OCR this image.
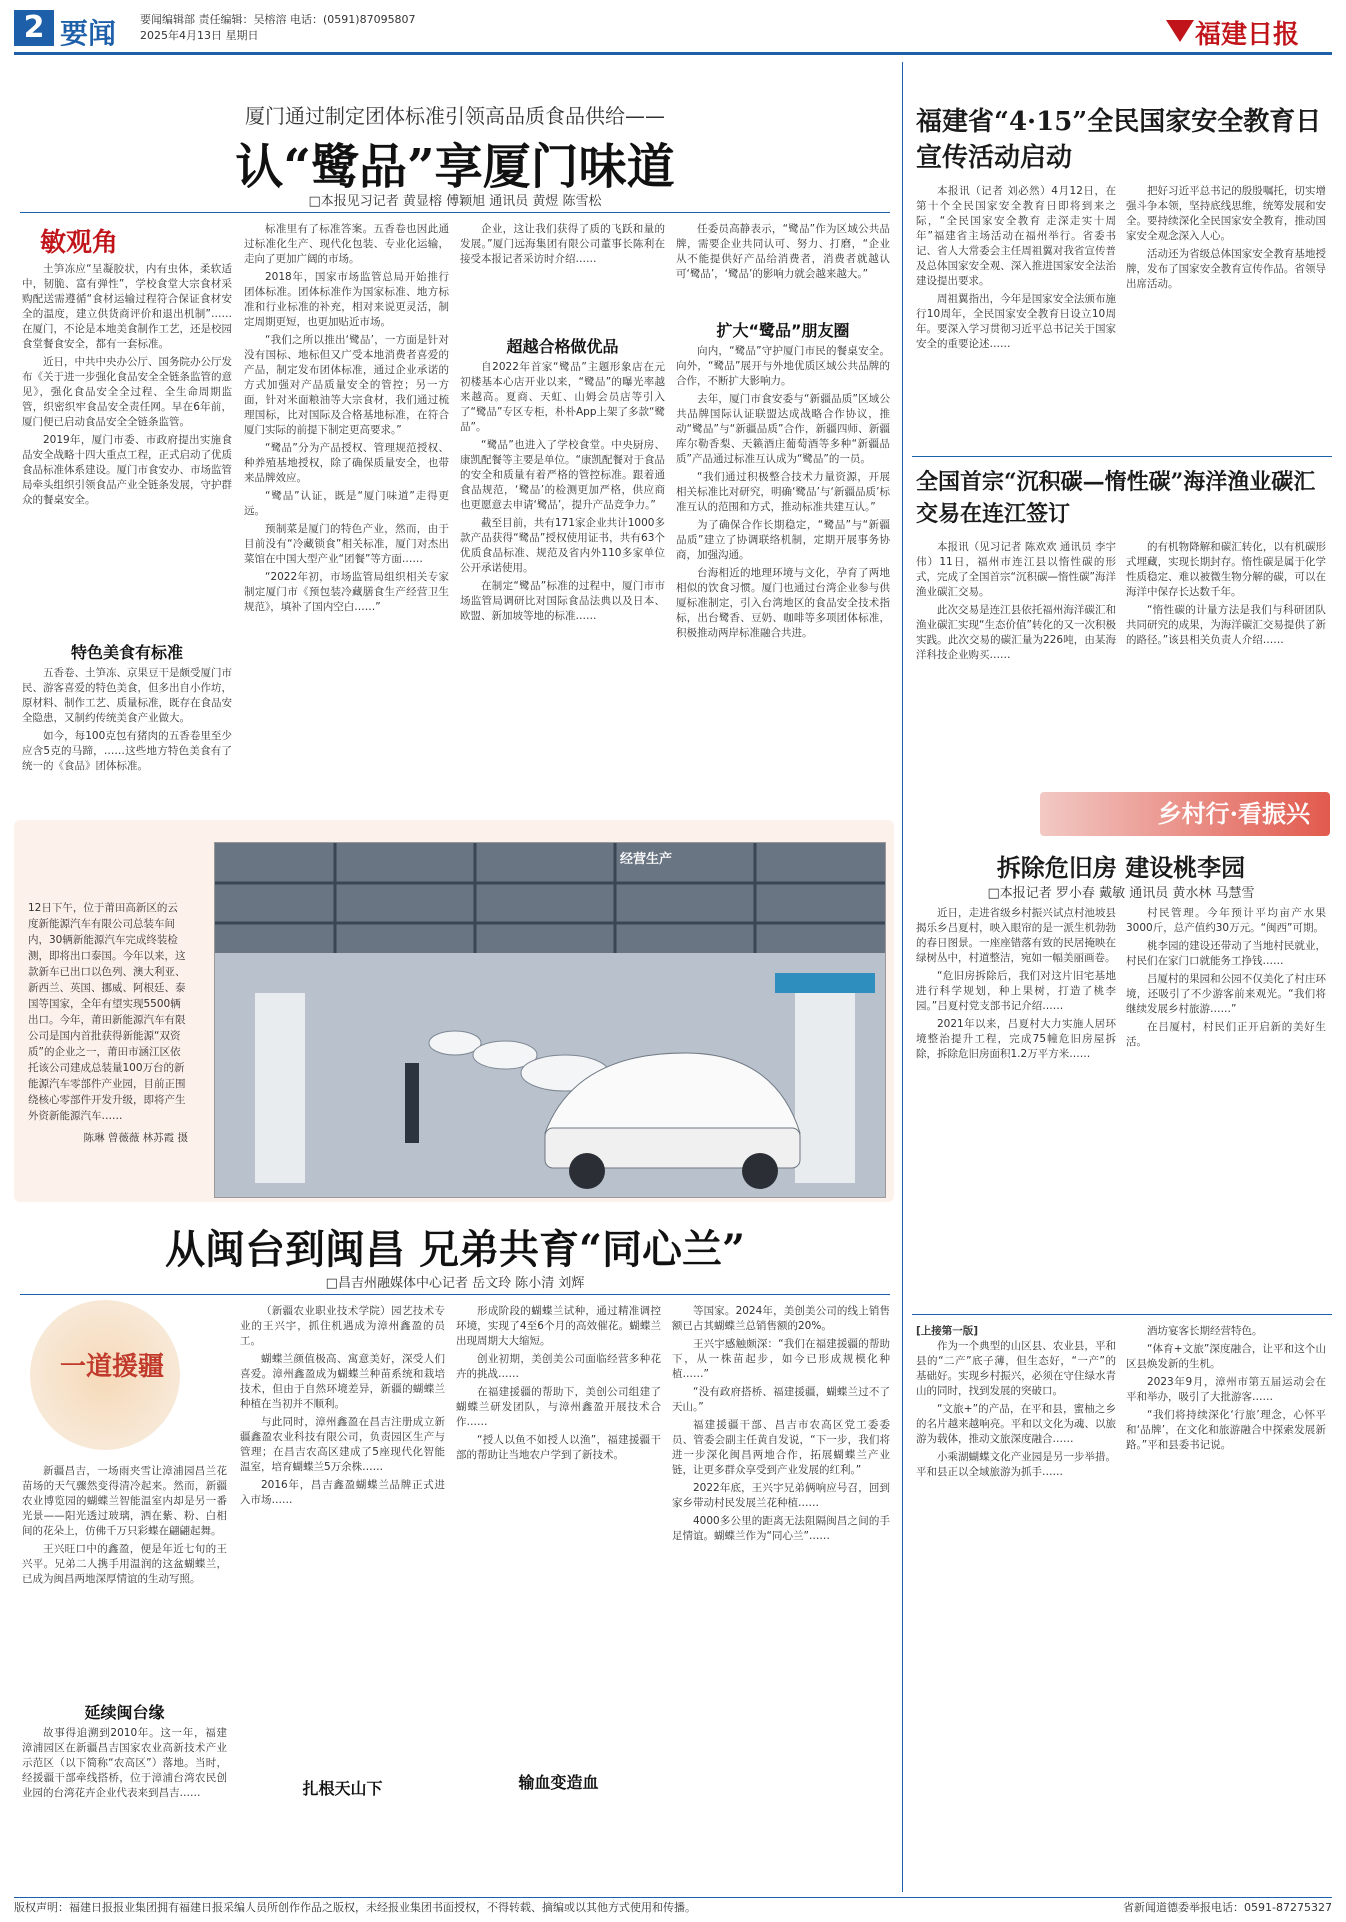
2 要闻 要闻编辑部 责任编辑：吴榕溶 电话：(0591)87095807
2025年4月13日 星期日	福建日报
厦门通过制定团体标准引领高品质食品供给——
认“鹭品”享厦门味道
□本报见习记者 黄显榕 傅颖旭 通讯员 黄煜 陈雪松
敏观角

土笋冻应“呈凝胶状，内有虫体，柔软适中，韧脆、富有弹性”，学校食堂大宗食材采购配送需遵循“食材运输过程符合保证食材安全的温度，建立供货商评价和退出机制”……在厦门，不论是本地美食制作工艺，还是校园食堂餐食安全，都有一套标准。

近日，中共中央办公厅、国务院办公厅发布《关于进一步强化食品安全全链条监管的意见》，强化食品安全全过程、全生命周期监管，织密织牢食品安全责任网。早在6年前，厦门便已启动食品安全全链条监管。

2019年，厦门市委、市政府提出实施食品安全战略十四大重点工程，正式启动了优质食品标准体系建设。厦门市食安办、市场监管局牵头组织引领食品产业全链条发展，守护群众的餐桌安全。

特色美食有标准

五香卷、土笋冻、京果豆干是颇受厦门市民、游客喜爱的特色美食，但多出自小作坊，原材料、制作工艺、质量标准，既存在食品安全隐患，又制约传统美食产业做大。

如今，每100克包有猪肉的五香卷里至少应含5克的马蹄，……这些地方特色美食有了统一的《食品》团体标准。

标准里有了标准答案。五香卷也因此通过标准化生产、现代化包装、专业化运输，走向了更加广阔的市场。

2018年，国家市场监管总局开始推行团体标准。团体标准作为国家标准、地方标准和行业标准的补充，相对来说更灵活，制定周期更短，也更加贴近市场。

“我们之所以推出‘鹭品’，一方面是针对没有国标、地标但又广受本地消费者喜爱的产品，制定发布团体标准，通过企业承诺的方式加强对产品质量安全的管控；另一方面，针对米面粮油等大宗食材，我们通过梳理国标，比对国际及合格基地标准，在符合厦门实际的前提下制定更高要求。”

“鹭品”分为产品授权、管理规范授权、种养殖基地授权，除了确保质量安全，也带来品牌效应。

“鹭品”认证，既是“厦门味道”走得更远。

预制菜是厦门的特色产业，然而，由于目前没有“冷藏锁食”相关标准，厦门对杰出菜馆在中国大型产业“团餐”等方面……

“2022年初，市场监管局组织相关专家制定厦门市《预包装冷藏膳食生产经营卫生规范》，填补了国内空白……”

企业，这让我们获得了质的飞跃和量的发展。”厦门远海集团有限公司董事长陈利在接受本报记者采访时介绍……

超越合格做优品

自2022年首家“鹭品”主题形象店在元初楼基本心店开业以来，“鹭品”的曝光率越来越高。夏商、天虹、山姆会员店等引入了“鹭品”专区专柜，朴朴App上架了多款“鹭品”。

“鹭品”也进入了学校食堂。中央厨房、康凯配餐等主要是单位。“康凯配餐对于食品的安全和质量有着严格的管控标准。跟着通食品规范，‘鹭品’的检测更加严格，供应商也更愿意去申请‘鹭品’，提升产品竞争力。”

截至目前，共有171家企业共计1000多款产品获得“鹭品”授权使用证书，共有63个优质食品标准、规范及省内外110多家单位公开承诺使用。

在制定“鹭品”标准的过程中，厦门市市场监管局调研比对国际食品法典以及日本、欧盟、新加坡等地的标准……

任委员高静表示，“鹭品”作为区域公共品牌，需要企业共同认可、努力、打磨，“企业从不能提供好产品给消费者，消费者就越认可‘鹭品’，‘鹭品’的影响力就会越来越大。”

扩大“鹭品”朋友圈

向内，“鹭品”守护厦门市民的餐桌安全。向外，“鹭品”展开与外地优质区域公共品牌的合作，不断扩大影响力。

去年，厦门市食安委与“新疆品质”区域公共品牌国际认证联盟达成战略合作协议，推动“鹭品”与“新疆品质”合作，新疆四师、新疆库尔勒香梨、天籁酒庄葡萄酒等多种“新疆品质”产品通过标准互认成为“鹭品”的一员。

“我们通过积极整合技术力量资源，开展相关标准比对研究，明确‘鹭品’与‘新疆品质’标准互认的范围和方式，推动标准共建互认。”

为了确保合作长期稳定，“鹭品”与“新疆品质”建立了协调联络机制，定期开展事务协商，加强沟通。

台海相近的地理环境与文化，孕育了两地相似的饮食习惯。厦门也通过台湾企业参与供厦标准制定，引入台湾地区的食品安全技术指标，出台鹭香、豆奶、咖啡等多项团体标准，积极推动两岸标准融合共进。

12日下午，位于莆田高新区的云度新能源汽车有限公司总装车间内，30辆新能源汽车完成终装检测，即将出口泰国。今年以来，这款新车已出口以色列、澳大利亚、新西兰、英国、挪威、阿根廷、泰国等国家，全年有望实现5500辆出口。今年，莆田新能源汽车有限公司是国内首批获得新能源“双资质”的企业之一，莆田市涵江区依托该公司建成总装量100万台的新能源汽车零部件产业园，目前正围绕核心零部件开发升级，即将产生外资新能源汽车……
陈琳 曾薇薇 林苏霞 摄
经营生产
从闽台到闽昌 兄弟共育“同心兰”
□昌吉州融媒体中心记者 岳文玲 陈小清 刘辉
一道援疆

新疆昌吉，一场雨夹雪让漳浦园昌兰花苗场的天气骤然变得清冷起来。然而，新疆农业博览园的蝴蝶兰智能温室内却是另一番光景——阳光透过玻璃，洒在紫、粉、白相间的花朵上，仿佛千万只彩蝶在翩翩起舞。

王兴旺口中的鑫盈，便是年近七旬的王兴平。兄弟二人携手用温润的这盆蝴蝶兰，已成为闽昌两地深厚情谊的生动写照。

延续闽台缘

故事得追溯到2010年。这一年，福建漳浦园区在新疆昌吉国家农业高新技术产业示范区（以下简称“农高区”）落地。当时，经援疆干部牵线搭桥，位于漳浦台湾农民创业园的台湾花卉企业代表来到昌吉……

（新疆农业职业技术学院）园艺技术专业的王兴宇，抓住机遇成为漳州鑫盈的员工。

蝴蝶兰颜值极高、寓意美好，深受人们喜爱。漳州鑫盈成为蝴蝶兰种苗系统和栽培技术，但由于自然环境差异，新疆的蝴蝶兰种植在当初并不顺利。

与此同时，漳州鑫盈在昌吉注册成立新疆鑫盈农业科技有限公司，负责园区生产与管理；在昌吉农高区建成了5座现代化智能温室，培育蝴蝶兰5万余株……

2016年，昌吉鑫盈蝴蝶兰品牌正式进入市场……

扎根天山下

形成阶段的蝴蝶兰试种，通过精准调控环境，实现了4至6个月的高效催花。蝴蝶兰出现周期大大缩短。

创业初期，美创美公司面临经营多种花卉的挑战……

在福建援疆的帮助下，美创公司组建了蝴蝶兰研发团队，与漳州鑫盈开展技术合作……

“授人以鱼不如授人以渔”，福建援疆干部的帮助让当地农户学到了新技术。

输血变造血

等国家。2024年，美创美公司的线上销售额已占其蝴蝶兰总销售额的20%。

王兴宇感触颇深：“我们在福建援疆的帮助下，从一株苗起步，如今已形成规模化种植……”

“没有政府搭桥、福建援疆，蝴蝶兰过不了天山。”

福建援疆干部、昌吉市农高区党工委委员、管委会副主任黄自发说，“下一步，我们将进一步深化闽昌两地合作，拓展蝴蝶兰产业链，让更多群众享受到产业发展的红利。”

2022年底，王兴宇兄弟俩响应号召，回到家乡带动村民发展兰花种植……

4000多公里的距离无法阻隔闽昌之间的手足情谊。蝴蝶兰作为“同心兰”……

福建省“4·15”全民国家安全教育日宣传活动启动

本报讯（记者 刘必然）4月12日，在第十个全民国家安全教育日即将到来之际，“全民国家安全教育 走深走实十周年”福建省主场活动在福州举行。省委书记、省人大常委会主任周祖翼对我省宣传普及总体国家安全观、深入推进国家安全法治建设提出要求。

周祖翼指出，今年是国家安全法颁布施行10周年，全民国家安全教育日设立10周年。要深入学习贯彻习近平总书记关于国家安全的重要论述……

把好习近平总书记的殷殷嘱托，切实增强斗争本领，坚持底线思维，统筹发展和安全。要持续深化全民国家安全教育，推动国家安全观念深入人心。

活动还为省级总体国家安全教育基地授牌，发布了国家安全教育宣传作品。省领导出席活动。

全国首宗“沉积碳—惰性碳”海洋渔业碳汇交易在连江签订

本报讯（见习记者 陈欢欢 通讯员 李宇伟）11日，福州市连江县以惰性碳的形式，完成了全国首宗“沉积碳—惰性碳”海洋渔业碳汇交易。

此次交易是连江县依托福州海洋碳汇和渔业碳汇实现“生态价值”转化的又一次积极实践。此次交易的碳汇量为226吨，由某海洋科技企业购买……

的有机物降解和碳汇转化，以有机碳形式埋藏，实现长期封存。惰性碳是属于化学性质稳定、难以被微生物分解的碳，可以在海洋中保存长达数千年。

“惰性碳的计量方法是我们与科研团队共同研究的成果，为海洋碳汇交易提供了新的路径。”该县相关负责人介绍……

乡村行·看振兴
拆除危旧房 建设桃李园
□本报记者 罗小春 戴敏 通讯员 黄水林 马慧雪

近日，走进省级乡村振兴试点村池坡县揭乐乡吕夏村，映入眼帘的是一派生机勃勃的春日图景。一座座错落有致的民居掩映在绿树丛中，村道整洁，宛如一幅美丽画卷。

“危旧房拆除后，我们对这片旧宅基地进行科学规划，种上果树，打造了桃李园。”吕夏村党支部书记介绍……

2021年以来，吕夏村大力实施人居环境整治提升工程，完成75幢危旧房屋拆除，拆除危旧房面积1.2万平方米……

村民管理。今年预计平均亩产水果3000斤，总产值约30万元。“闽西”可期。

桃李园的建设还带动了当地村民就业，村民们在家门口就能务工挣钱……

吕厦村的果园和公园不仅美化了村庄环境，还吸引了不少游客前来观光。“我们将继续发展乡村旅游……”

在吕厦村，村民们正开启新的美好生活。

[上接第一版]

作为一个典型的山区县、农业县，平和县的“二产”底子薄，但生态好，“一产”的基础好。实现乡村振兴，必须在守住绿水青山的同时，找到发展的突破口。

“文旅+”的产品，在平和县，蜜柚之乡的名片越来越响亮。平和以文化为魂、以旅游为载体，推动文旅深度融合……

小乘湖蝴蝶文化产业园是另一步举措。平和县正以全域旅游为抓手……

酒坊宴客长期经营特色。

“体育+文旅”深度融合，让平和这个山区县焕发新的生机。

2023年9月，漳州市第五届运动会在平和举办，吸引了大批游客……

“我们将持续深化‘行旅’理念，心怀平和‘品牌’，在文化和旅游融合中探索发展新路。”平和县委书记说。

版权声明：福建日报报业集团拥有福建日报采编人员所创作作品之版权，未经报业集团书面授权，不得转载、摘编或以其他方式使用和传播。	省新闻道德委举报电话：0591-87275327
